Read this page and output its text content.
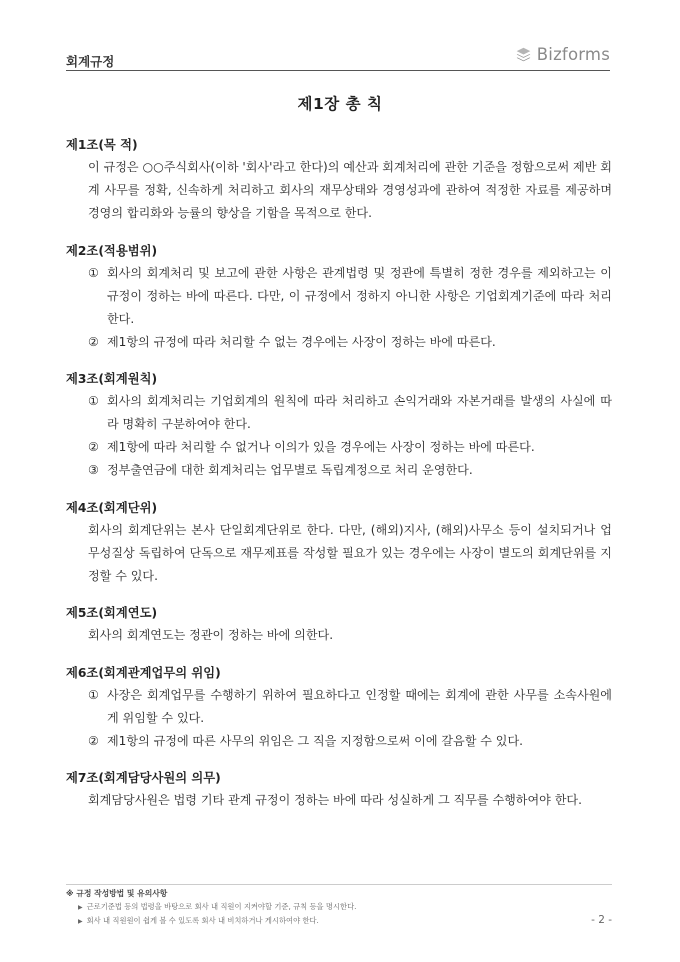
회계규정	Bizforms
제1장 총 칙
제1조(목 적)
이 규정은 ○○주식회사(이하 '회사'라고 한다)의 예산과 회계처리에 관한 기준을 정함으로써 제반 회계 사무를 정확, 신속하게 처리하고 회사의 재무상태와 경영성과에 관하여 적정한 자료를 제공하며 경영의 합리화와 능률의 향상을 기함을 목적으로 한다.
제2조(적용범위)
① 회사의 회계처리 및 보고에 관한 사항은 관계법령 및 정관에 특별히 정한 경우를 제외하고는 이 규정이 정하는 바에 따른다. 다만, 이 규정에서 정하지 아니한 사항은 기업회계기준에 따라 처리한다.
② 제1항의 규정에 따라 처리할 수 없는 경우에는 사장이 정하는 바에 따른다.
제3조(회계원칙)
① 회사의 회계처리는 기업회계의 원칙에 따라 처리하고 손익거래와 자본거래를 발생의 사실에 따라 명확히 구분하여야 한다.
② 제1항에 따라 처리할 수 없거나 이의가 있을 경우에는 사장이 정하는 바에 따른다.
③ 정부출연금에 대한 회계처리는 업무별로 독립계정으로 처리 운영한다.
제4조(회계단위)
회사의 회계단위는 본사 단일회계단위로 한다. 다만, (해외)지사, (해외)사무소 등이 설치되거나 업무성질상 독립하여 단독으로 재무제표를 작성할 필요가 있는 경우에는 사장이 별도의 회계단위를 지정할 수 있다.
제5조(회계연도)
회사의 회계연도는 정관이 정하는 바에 의한다.
제6조(회계관계업무의 위임)
① 사장은 회계업무를 수행하기 위하여 필요하다고 인정할 때에는 회계에 관한 사무를 소속사원에게 위임할 수 있다.
② 제1항의 규정에 따른 사무의 위임은 그 직을 지정함으로써 이에 갈음할 수 있다.
제7조(회계담당사원의 의무)
회계담당사원은 법령 기타 관계 규정이 정하는 바에 따라 성실하게 그 직무를 수행하여야 한다.
※ 규정 작성방법 및 유의사항
▶ 근로기준법 등의 법령을 바탕으로 회사 내 직원이 지켜야할 기준, 규칙 등을 명시한다.
▶ 회사 내 직원원이 쉽게 볼 수 있도록 회사 내 비치하거나 게시하여야 한다.	- 2 -
